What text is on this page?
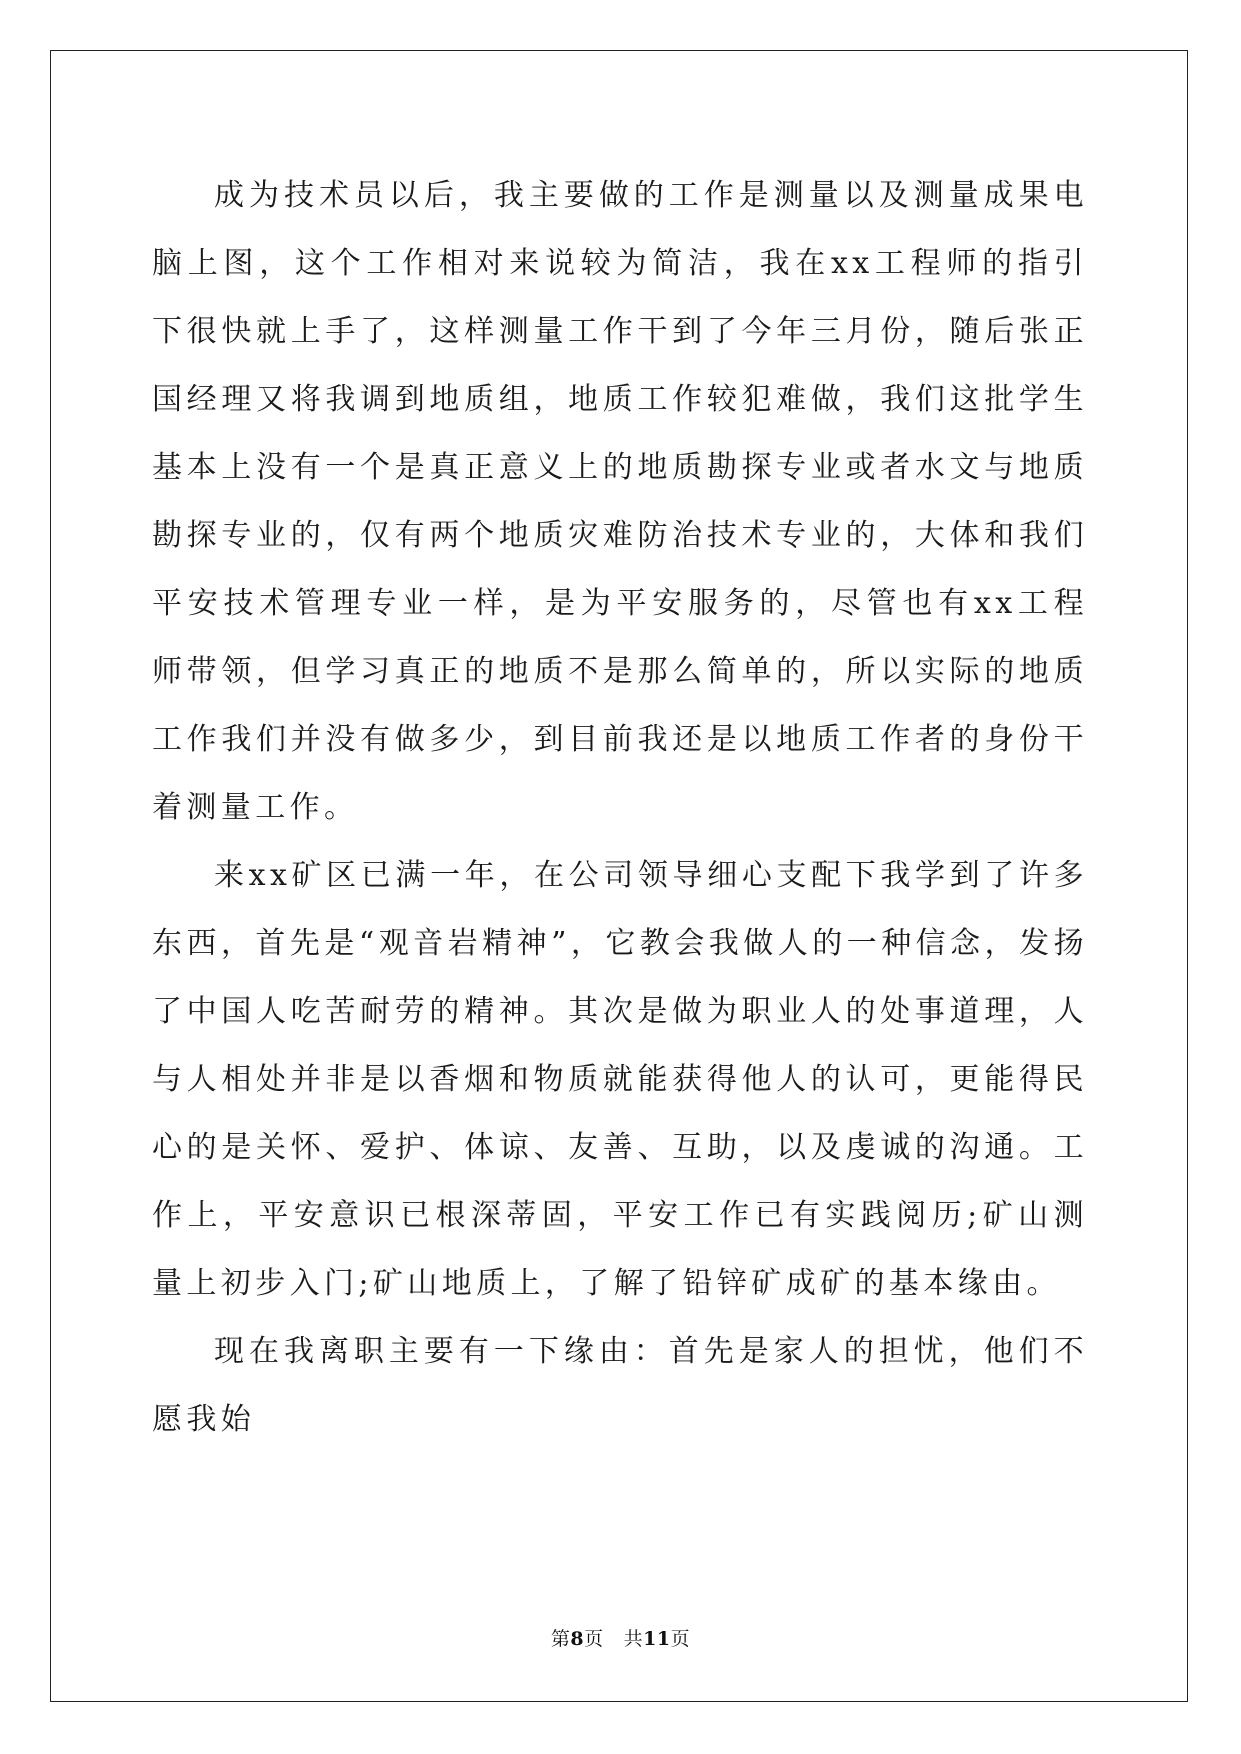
成为技术员以后，我主要做的工作是测量以及测量成果电脑上图，这个工作相对来说较为简洁，我在xx工程师的指引下很快就上手了，这样测量工作干到了今年三月份，随后张正国经理又将我调到地质组，地质工作较犯难做，我们这批学生基本上没有一个是真正意义上的地质勘探专业或者水文与地质勘探专业的，仅有两个地质灾难防治技术专业的，大体和我们平安技术管理专业一样，是为平安服务的，尽管也有xx工程师带领，但学习真正的地质不是那么简单的，所以实际的地质工作我们并没有做多少，到目前我还是以地质工作者的身份干着测量工作。

来xx矿区已满一年，在公司领导细心支配下我学到了许多东西，首先是“观音岩精神”，它教会我做人的一种信念，发扬了中国人吃苦耐劳的精神。其次是做为职业人的处事道理，人与人相处并非是以香烟和物质就能获得他人的认可，更能得民心的是关怀、爱护、体谅、友善、互助，以及虔诚的沟通。工作上，平安意识已根深蒂固，平安工作已有实践阅历;矿山测量上初步入门;矿山地质上，了解了铅锌矿成矿的基本缘由。

现在我离职主要有一下缘由：首先是家人的担忧，他们不愿我始

第8页 共11页
